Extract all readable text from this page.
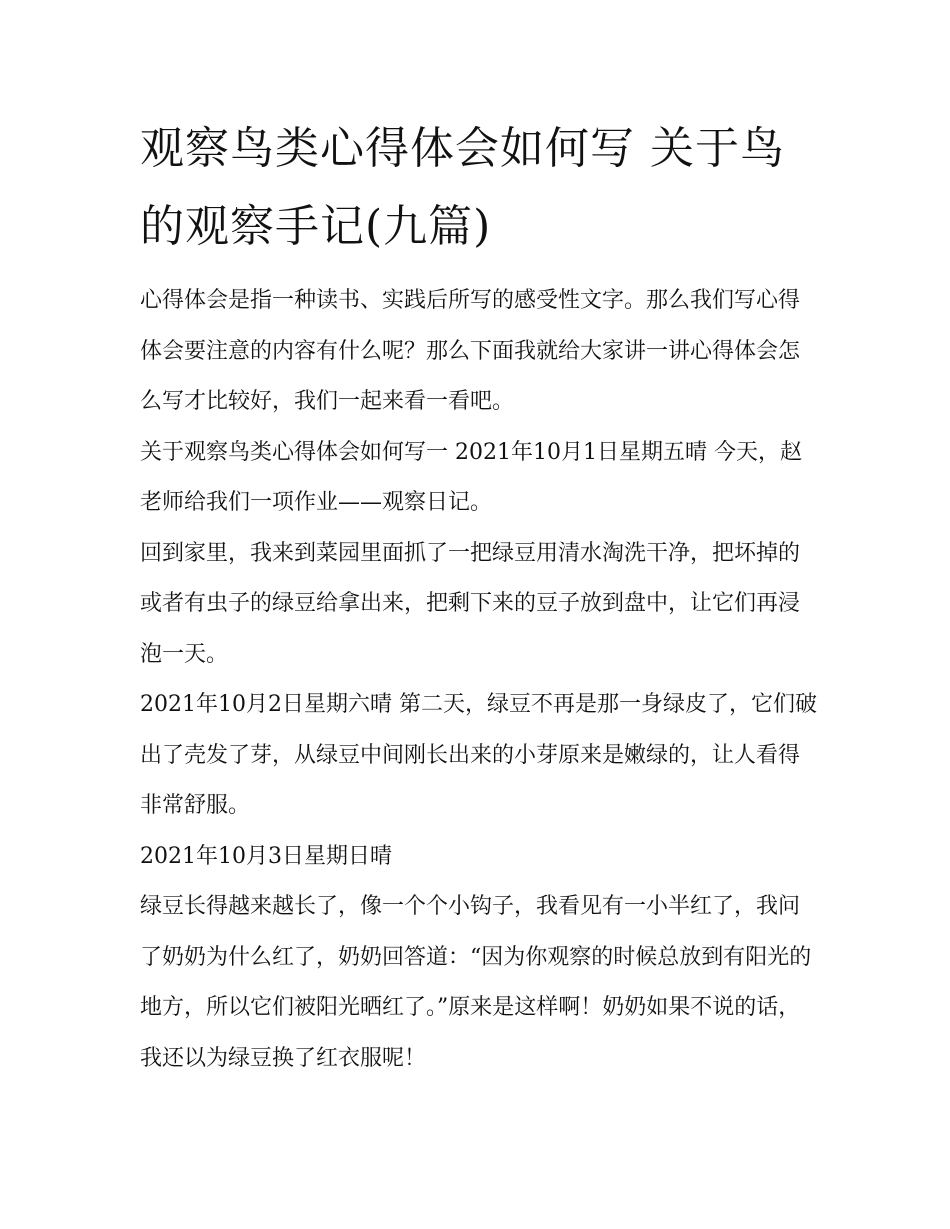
观察鸟类心得体会如何写 关于鸟的观察手记(九篇)

心得体会是指一种读书、实践后所写的感受性文字。那么我们写心得体会要注意的内容有什么呢？那么下面我就给大家讲一讲心得体会怎么写才比较好，我们一起来看一看吧。

关于观察鸟类心得体会如何写一 2021年10月1日星期五晴 今天，赵老师给我们一项作业——观察日记。

回到家里，我来到菜园里面抓了一把绿豆用清水淘洗干净，把坏掉的或者有虫子的绿豆给拿出来，把剩下来的豆子放到盘中，让它们再浸泡一天。

2021年10月2日星期六晴 第二天，绿豆不再是那一身绿皮了，它们破出了壳发了芽，从绿豆中间刚长出来的小芽原来是嫩绿的，让人看得非常舒服。

2021年10月3日星期日晴

绿豆长得越来越长了，像一个个小钩子，我看见有一小半红了，我问了奶奶为什么红了，奶奶回答道：“因为你观察的时候总放到有阳光的地方，所以它们被阳光晒红了。”原来是这样啊！奶奶如果不说的话，我还以为绿豆换了红衣服呢！
